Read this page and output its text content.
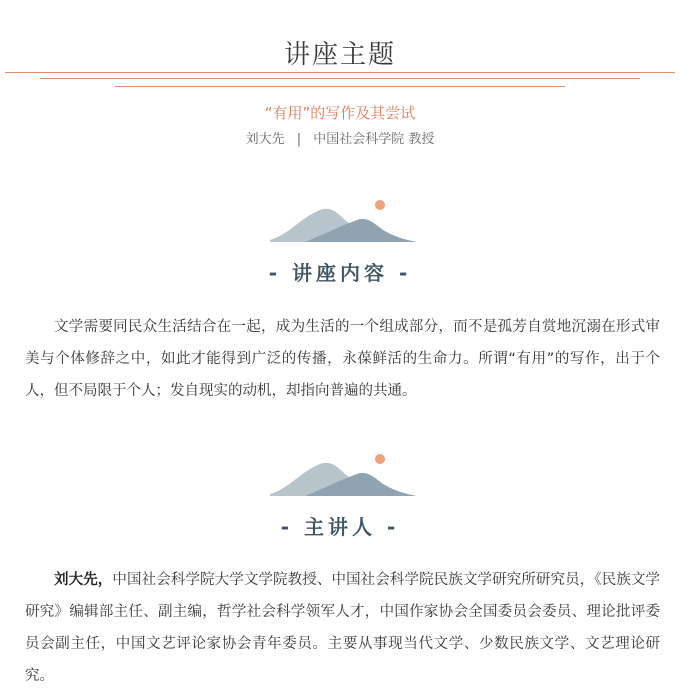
讲座主题
“有用”的写作及其尝试
刘大先 | 中国社会科学院 教授
- 讲座内容 -
文学需要同民众生活结合在一起，成为生活的一个组成部分，而不是孤芳自赏地沉溺在形式审美与个体修辞之中，如此才能得到广泛的传播，永葆鲜活的生命力。所谓“有用”的写作，出于个人，但不局限于个人；发自现实的动机，却指向普遍的共通。
- 主讲人 -
刘大先，中国社会科学院大学文学院教授、中国社会科学院民族文学研究所研究员，《民族文学研究》编辑部主任、副主编，哲学社会科学领军人才，中国作家协会全国委员会委员、理论批评委员会副主任，中国文艺评论家协会青年委员。主要从事现当代文学、少数民族文学、文艺理论研究。
